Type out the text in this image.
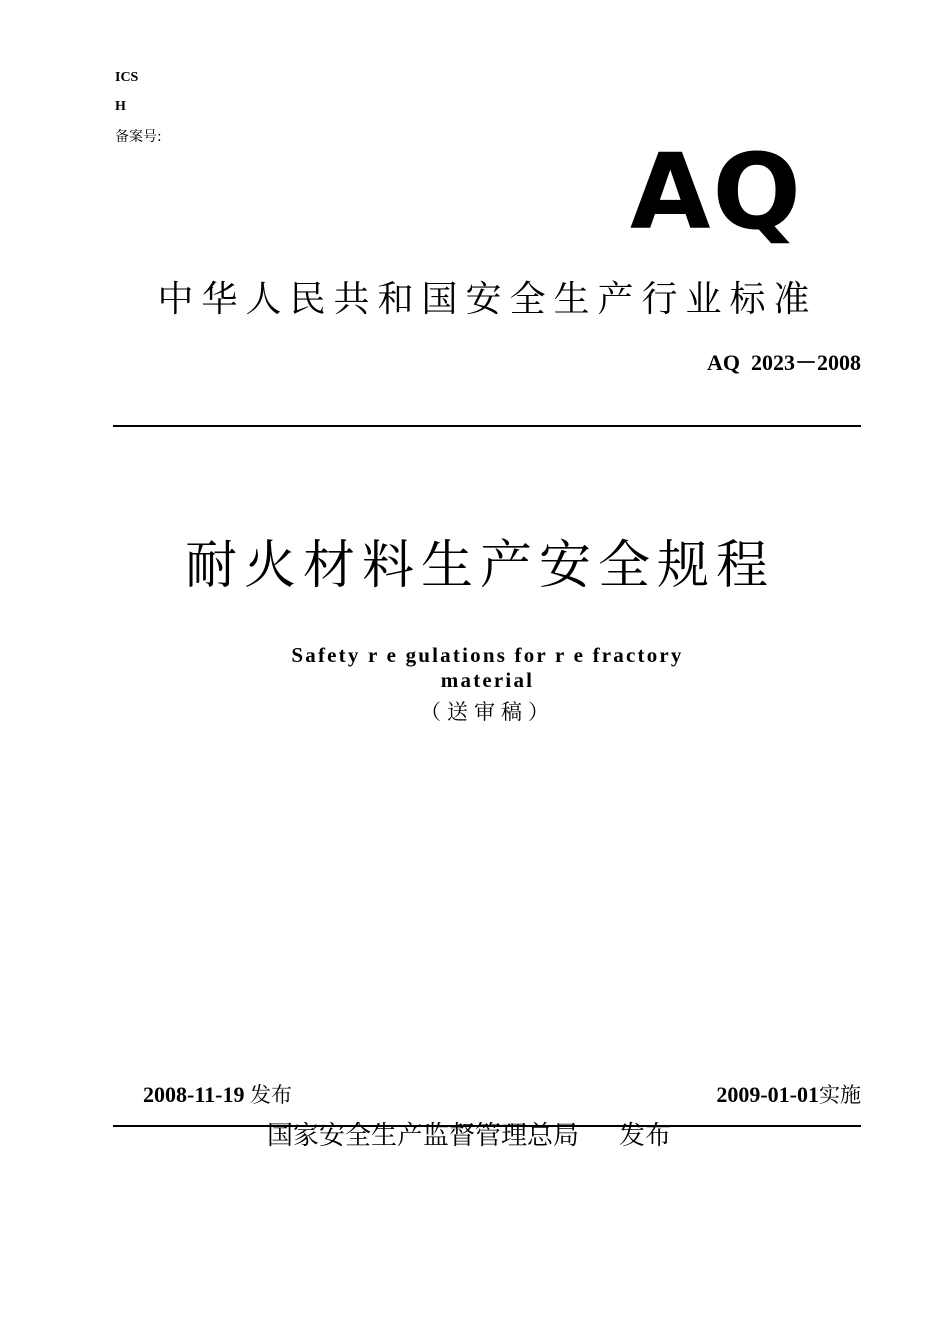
ICS
H
备案号:	AQ
中华人民共和国安全生产行业标准
AQ  2023－2008
耐火材料生产安全规程
Safety r e gulations for r e fractory
material
（送审稿）
2008-11-19 发布	2009-01-01实施
国家安全生产监督管理总局 发布
